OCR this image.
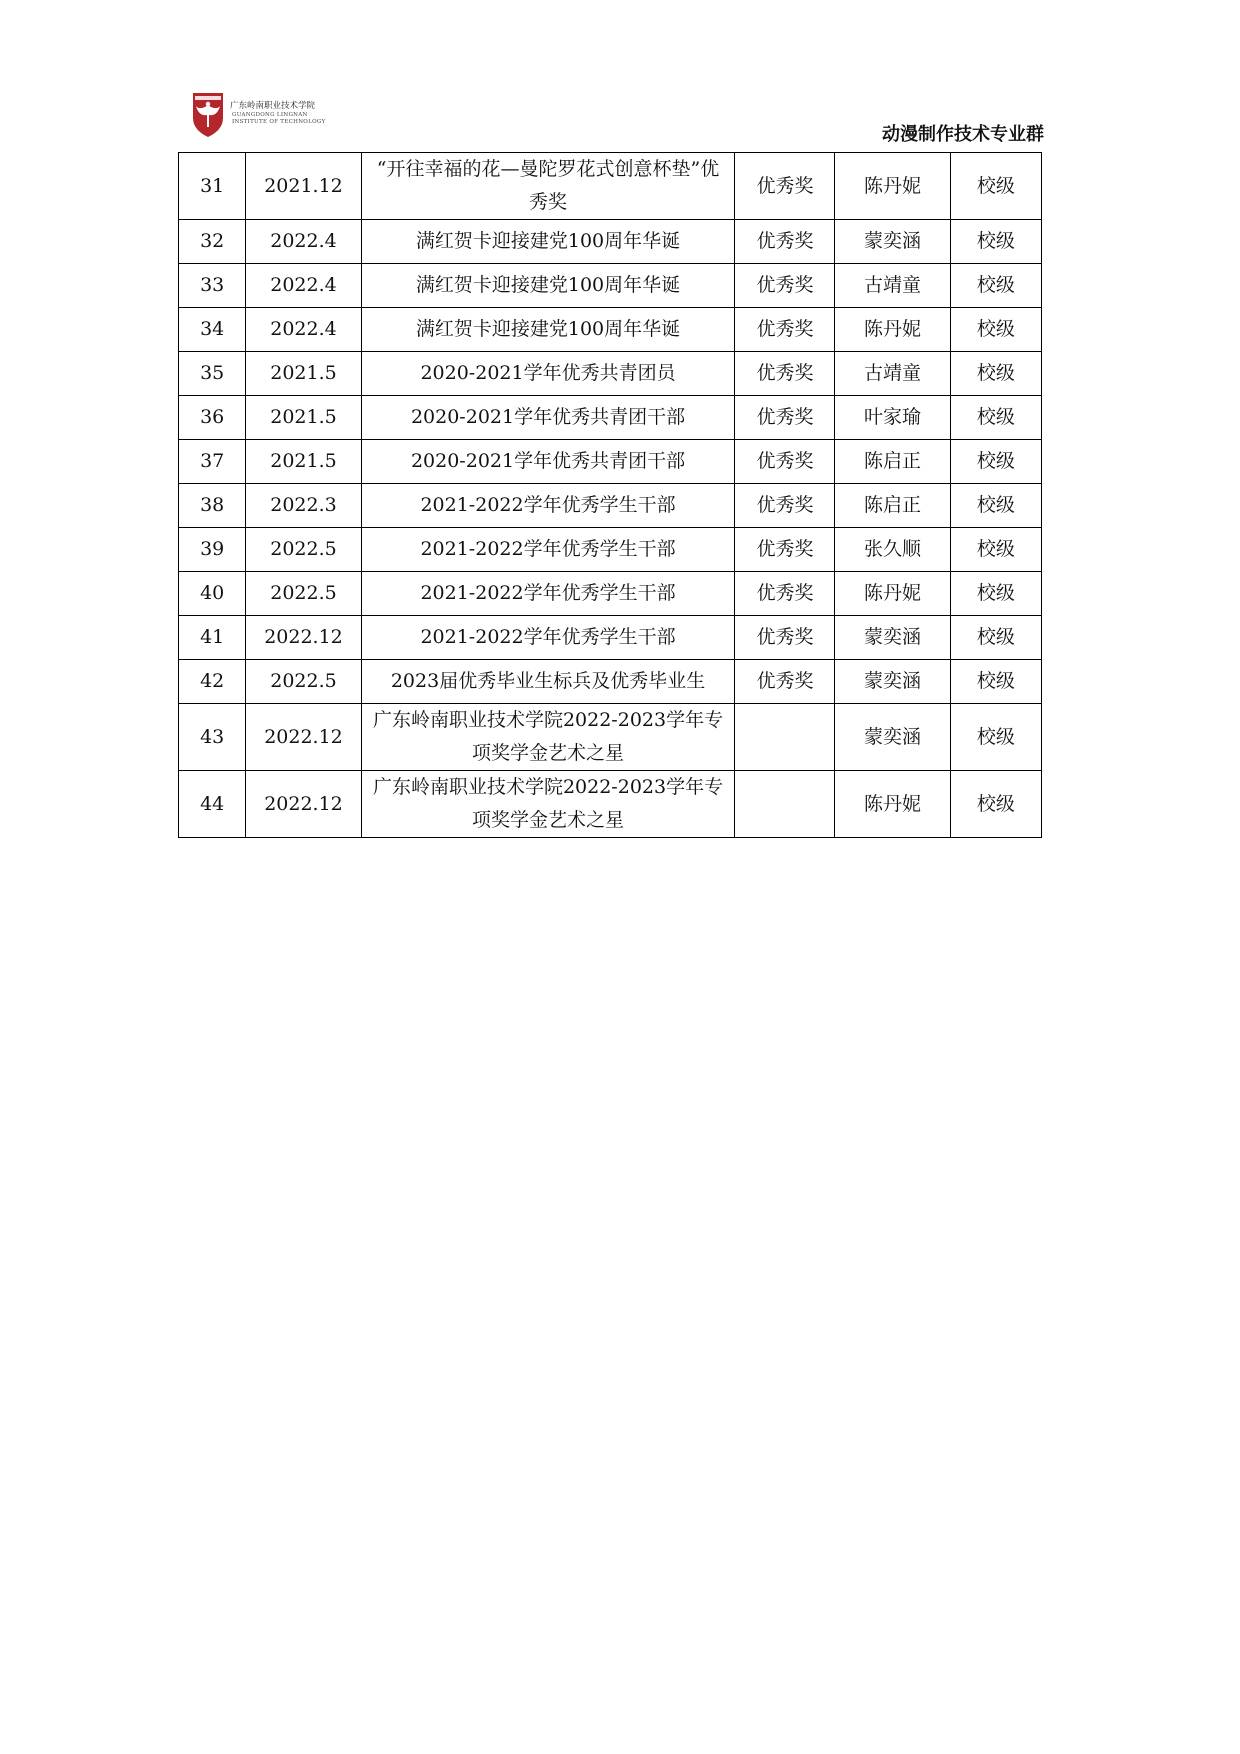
广东岭南职业技术学院
GUANGDONG LINGNAN
INSTITUTE OF TECHNOLOGY
动漫制作技术专业群
31	2021.12	“开往幸福的花—曼陀罗花式创意杯垫”优秀奖	优秀奖	陈丹妮	校级
32	2022.4	满红贺卡迎接建党100周年华诞	优秀奖	蒙奕涵	校级
33	2022.4	满红贺卡迎接建党100周年华诞	优秀奖	古靖童	校级
34	2022.4	满红贺卡迎接建党100周年华诞	优秀奖	陈丹妮	校级
35	2021.5	2020-2021学年优秀共青团员	优秀奖	古靖童	校级
36	2021.5	2020-2021学年优秀共青团干部	优秀奖	叶家瑜	校级
37	2021.5	2020-2021学年优秀共青团干部	优秀奖	陈启正	校级
38	2022.3	2021-2022学年优秀学生干部	优秀奖	陈启正	校级
39	2022.5	2021-2022学年优秀学生干部	优秀奖	张久顺	校级
40	2022.5	2021-2022学年优秀学生干部	优秀奖	陈丹妮	校级
41	2022.12	2021-2022学年优秀学生干部	优秀奖	蒙奕涵	校级
42	2022.5	2023届优秀毕业生标兵及优秀毕业生	优秀奖	蒙奕涵	校级
43	2022.12	广东岭南职业技术学院2022-2023学年专项奖学金艺术之星		蒙奕涵	校级
44	2022.12	广东岭南职业技术学院2022-2023学年专项奖学金艺术之星		陈丹妮	校级
